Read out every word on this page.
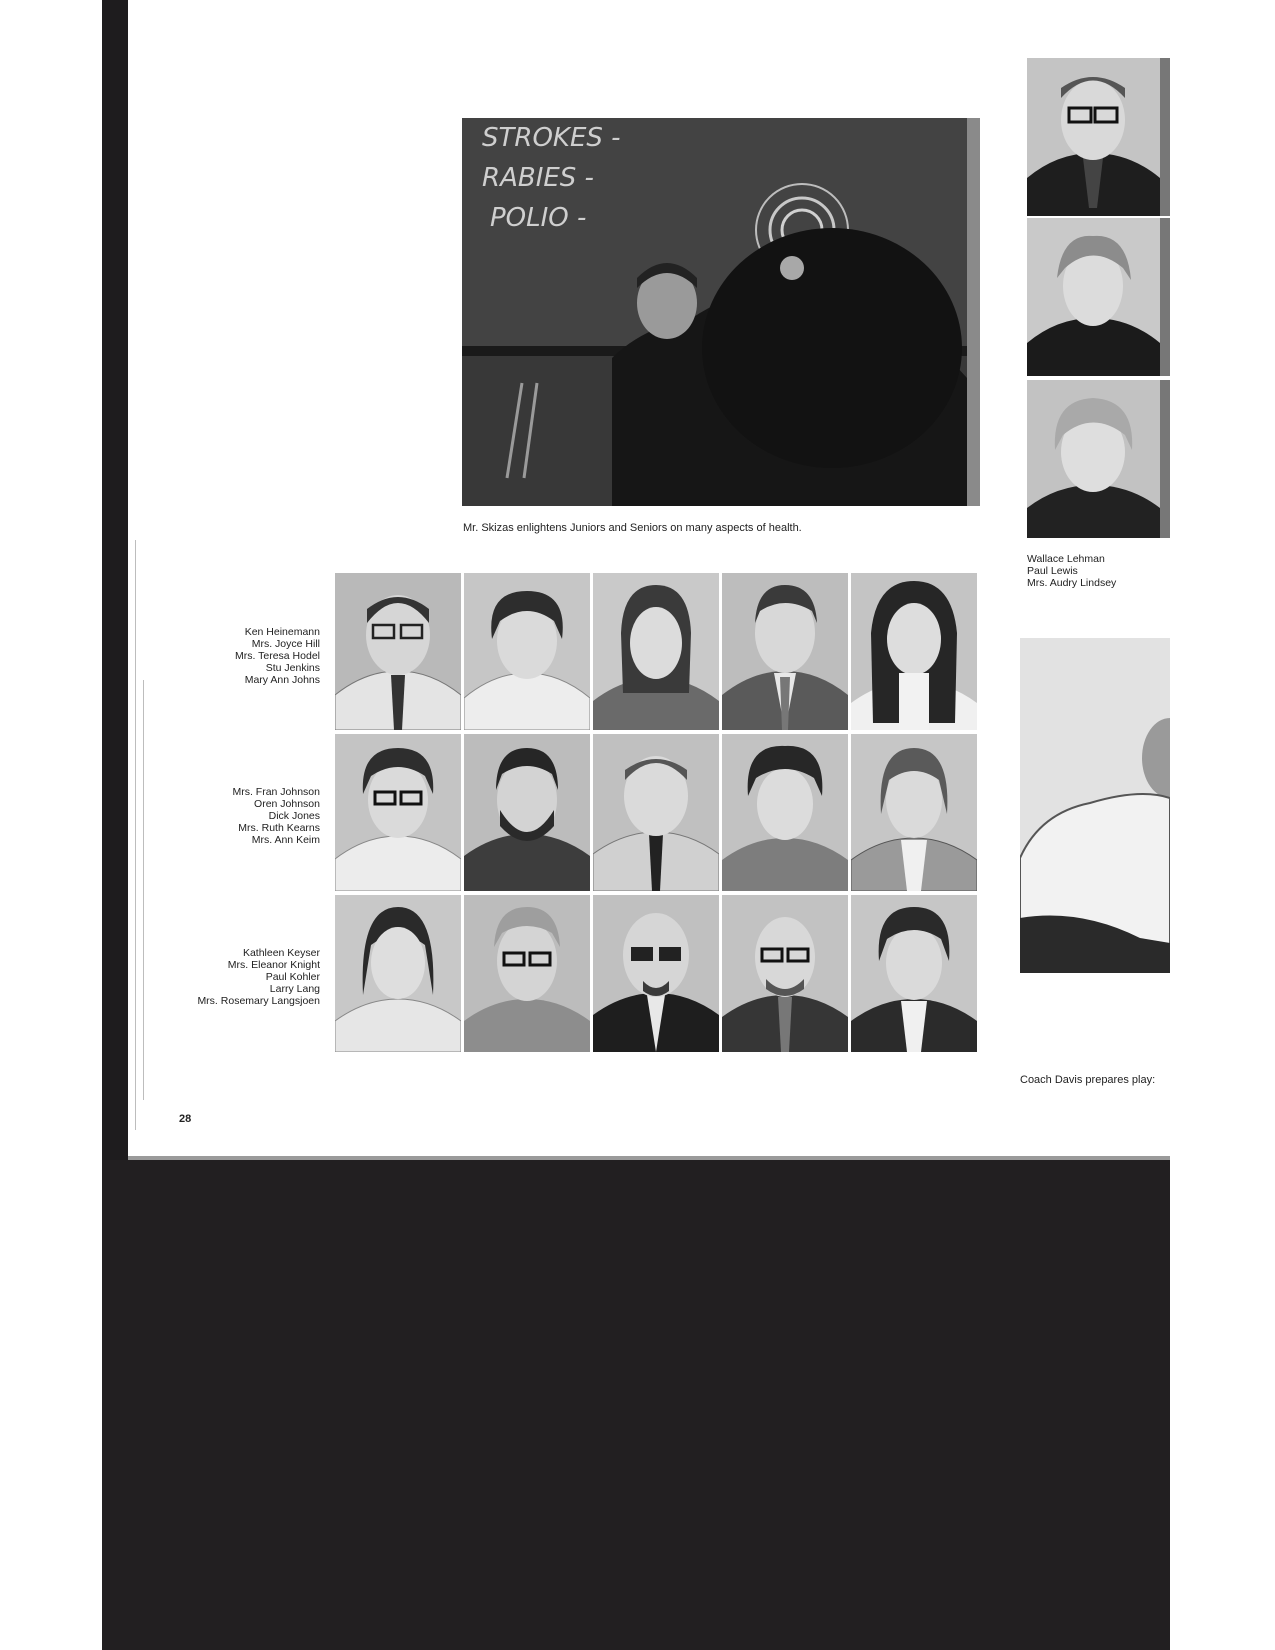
STROKES -
RABIES -
POLIO -
Mr. Skizas enlightens Juniors and Seniors on many aspects of health.
Wallace Lehman
Paul Lewis
Mrs. Audry Lindsey
Coach Davis prepares play:
Ken Heinemann
Mrs. Joyce Hill
Mrs. Teresa Hodel
Stu Jenkins
Mary Ann Johns
Mrs. Fran Johnson
Oren Johnson
Dick Jones
Mrs. Ruth Kearns
Mrs. Ann Keim
Kathleen Keyser
Mrs. Eleanor Knight
Paul Kohler
Larry Lang
Mrs. Rosemary Langsjoen
28
